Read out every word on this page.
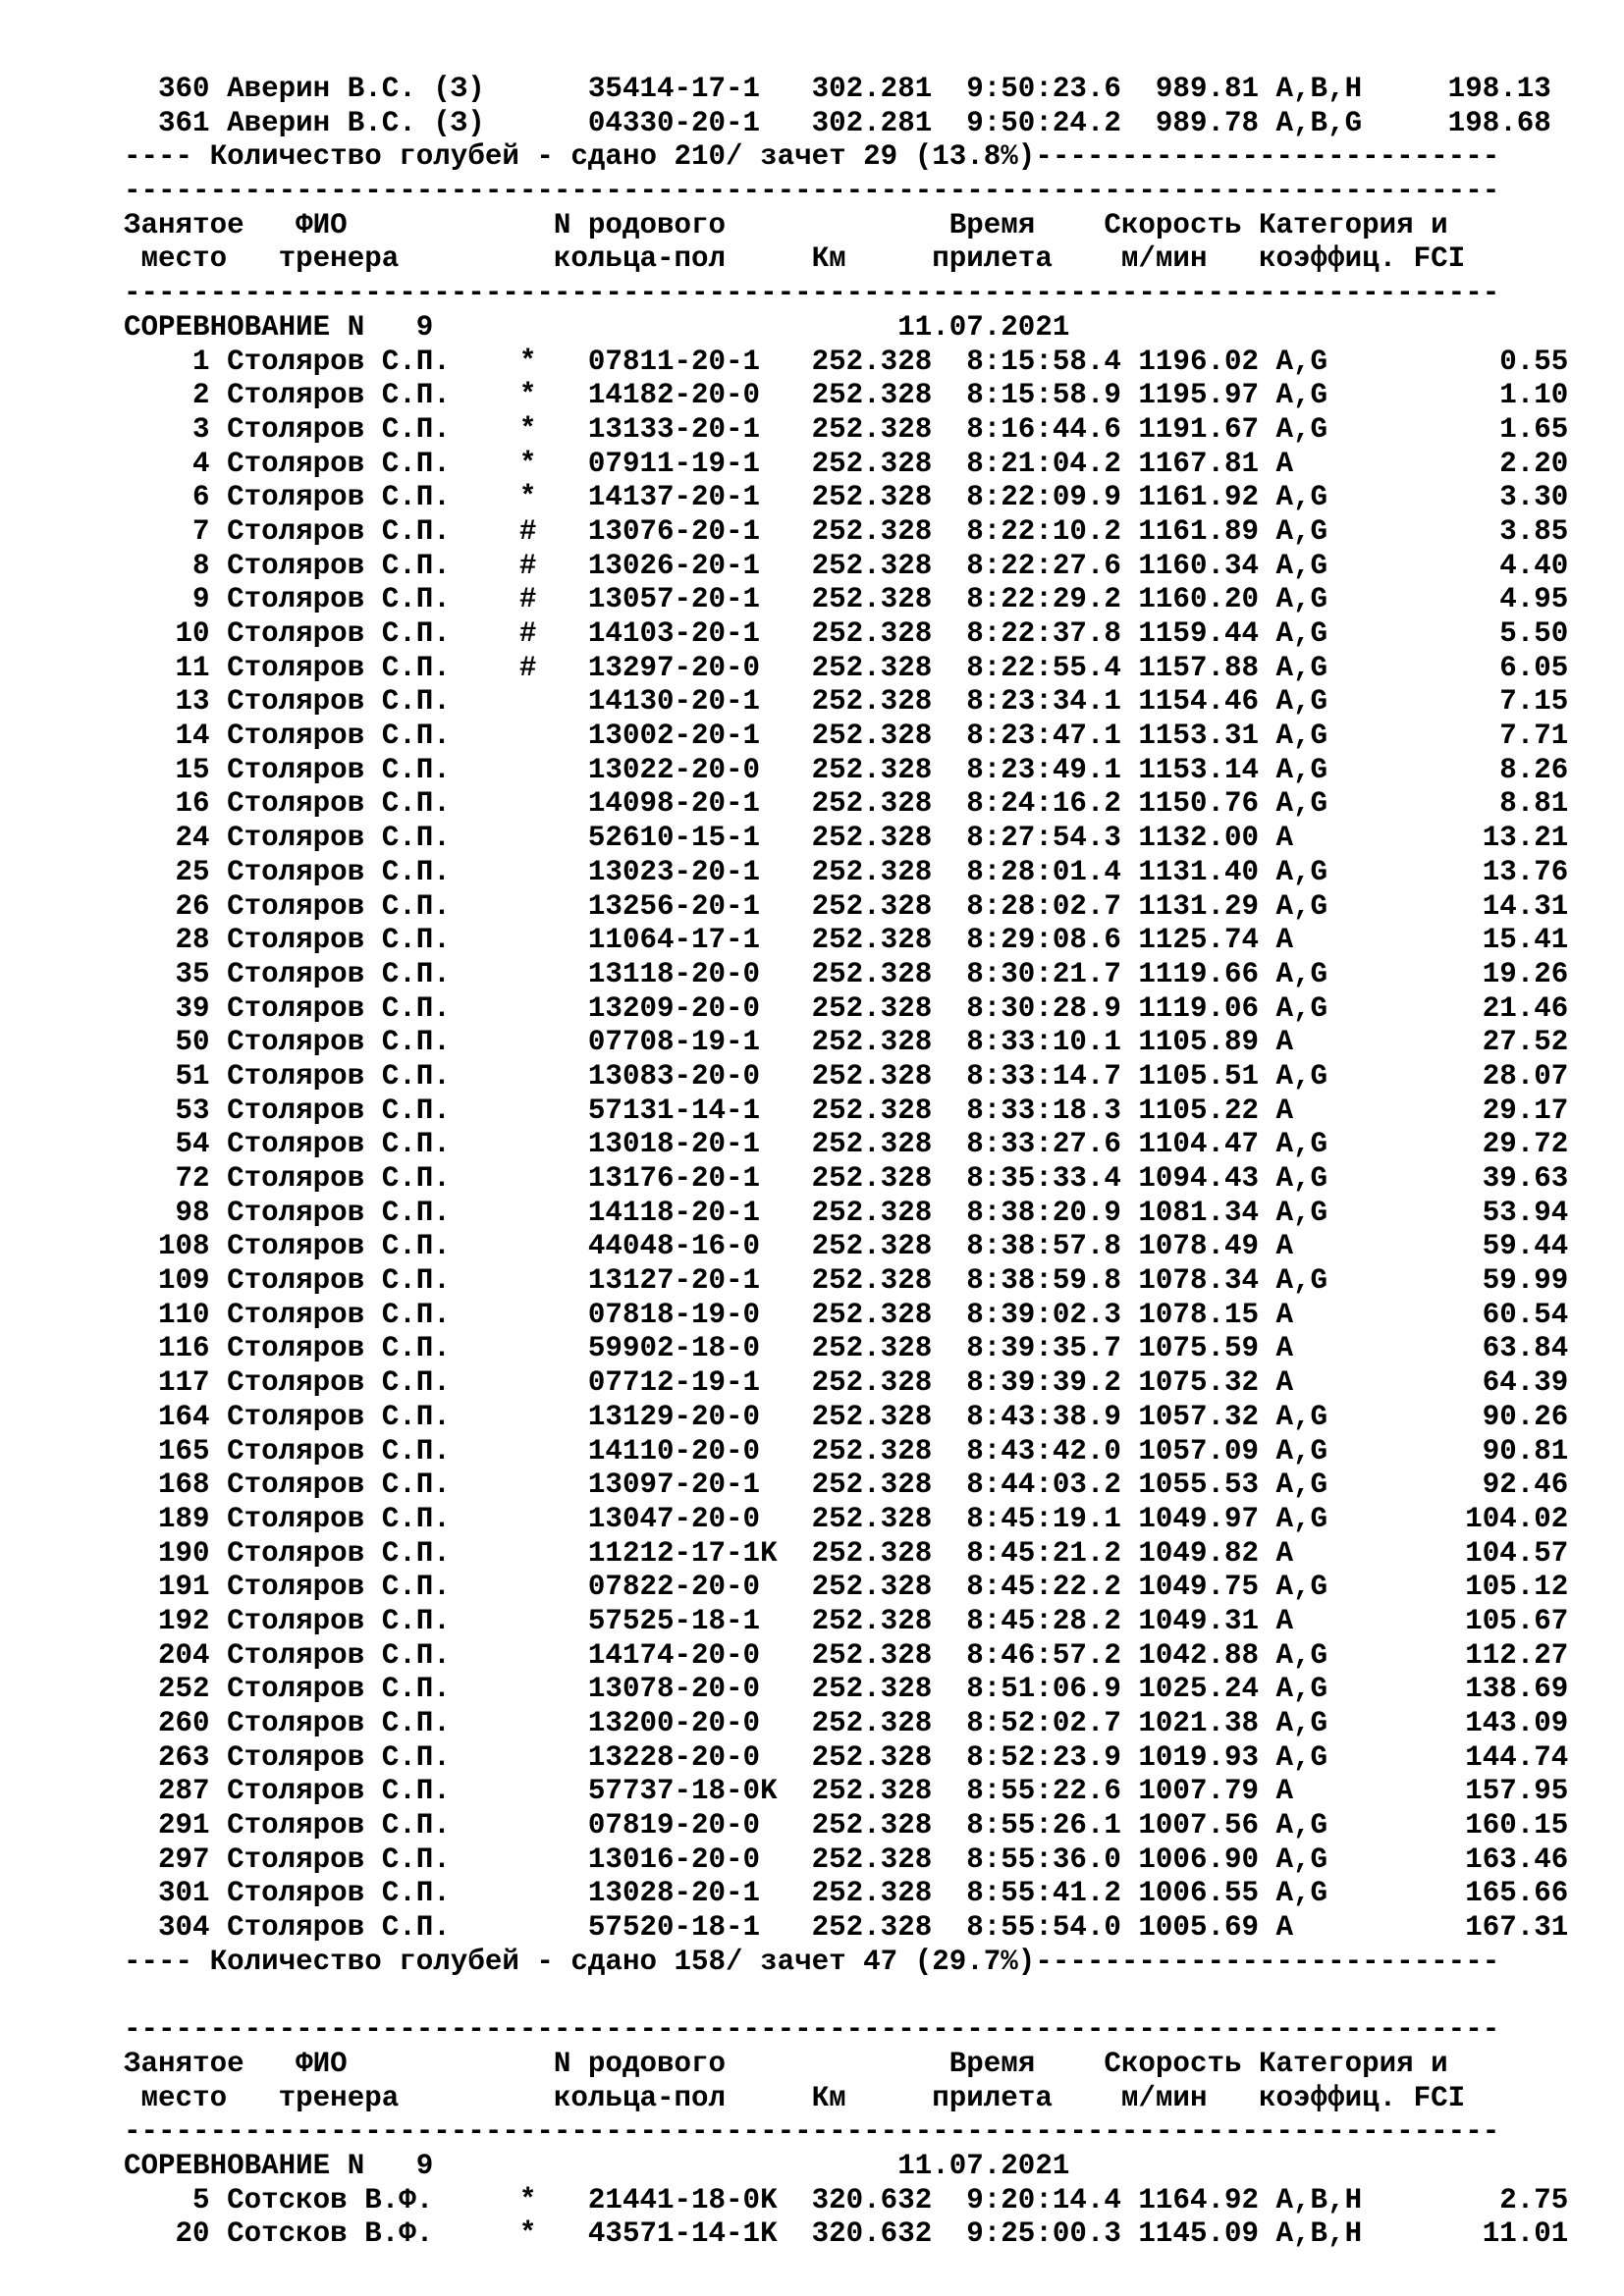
360 Аверин В.С. (З)      35414-17-1   302.281  9:50:23.6  989.81 A,B,H     198.13
361 Аверин В.С. (З)      04330-20-1   302.281  9:50:24.2  989.78 A,B,G     198.68
---- Количество голубей - сдано 210/ зачет 29 (13.8%)---------------------------
--------------------------------------------------------------------------------
Занятое   ФИО            N родового             Время    Скорость Категория и
место   тренера         кольца-пол     Км     прилета    м/мин   коэффиц. FCI
--------------------------------------------------------------------------------
СОРЕВНОВАНИЕ N   9                           11.07.2021
1 Столяров С.П.    *   07811-20-1   252.328  8:15:58.4 1196.02 A,G          0.55
2 Столяров С.П.    *   14182-20-0   252.328  8:15:58.9 1195.97 A,G          1.10
3 Столяров С.П.    *   13133-20-1   252.328  8:16:44.6 1191.67 A,G          1.65
4 Столяров С.П.    *   07911-19-1   252.328  8:21:04.2 1167.81 A            2.20
6 Столяров С.П.    *   14137-20-1   252.328  8:22:09.9 1161.92 A,G          3.30
7 Столяров С.П.    #   13076-20-1   252.328  8:22:10.2 1161.89 A,G          3.85
8 Столяров С.П.    #   13026-20-1   252.328  8:22:27.6 1160.34 A,G          4.40
9 Столяров С.П.    #   13057-20-1   252.328  8:22:29.2 1160.20 A,G          4.95
10 Столяров С.П.    #   14103-20-1   252.328  8:22:37.8 1159.44 A,G          5.50
11 Столяров С.П.    #   13297-20-0   252.328  8:22:55.4 1157.88 A,G          6.05
13 Столяров С.П.        14130-20-1   252.328  8:23:34.1 1154.46 A,G          7.15
14 Столяров С.П.        13002-20-1   252.328  8:23:47.1 1153.31 A,G          7.71
15 Столяров С.П.        13022-20-0   252.328  8:23:49.1 1153.14 A,G          8.26
16 Столяров С.П.        14098-20-1   252.328  8:24:16.2 1150.76 A,G          8.81
24 Столяров С.П.        52610-15-1   252.328  8:27:54.3 1132.00 A           13.21
25 Столяров С.П.        13023-20-1   252.328  8:28:01.4 1131.40 A,G         13.76
26 Столяров С.П.        13256-20-1   252.328  8:28:02.7 1131.29 A,G         14.31
28 Столяров С.П.        11064-17-1   252.328  8:29:08.6 1125.74 A           15.41
35 Столяров С.П.        13118-20-0   252.328  8:30:21.7 1119.66 A,G         19.26
39 Столяров С.П.        13209-20-0   252.328  8:30:28.9 1119.06 A,G         21.46
50 Столяров С.П.        07708-19-1   252.328  8:33:10.1 1105.89 A           27.52
51 Столяров С.П.        13083-20-0   252.328  8:33:14.7 1105.51 A,G         28.07
53 Столяров С.П.        57131-14-1   252.328  8:33:18.3 1105.22 A           29.17
54 Столяров С.П.        13018-20-1   252.328  8:33:27.6 1104.47 A,G         29.72
72 Столяров С.П.        13176-20-1   252.328  8:35:33.4 1094.43 A,G         39.63
98 Столяров С.П.        14118-20-1   252.328  8:38:20.9 1081.34 A,G         53.94
108 Столяров С.П.        44048-16-0   252.328  8:38:57.8 1078.49 A           59.44
109 Столяров С.П.        13127-20-1   252.328  8:38:59.8 1078.34 A,G         59.99
110 Столяров С.П.        07818-19-0   252.328  8:39:02.3 1078.15 A           60.54
116 Столяров С.П.        59902-18-0   252.328  8:39:35.7 1075.59 A           63.84
117 Столяров С.П.        07712-19-1   252.328  8:39:39.2 1075.32 A           64.39
164 Столяров С.П.        13129-20-0   252.328  8:43:38.9 1057.32 A,G         90.26
165 Столяров С.П.        14110-20-0   252.328  8:43:42.0 1057.09 A,G         90.81
168 Столяров С.П.        13097-20-1   252.328  8:44:03.2 1055.53 A,G         92.46
189 Столяров С.П.        13047-20-0   252.328  8:45:19.1 1049.97 A,G        104.02
190 Столяров С.П.        11212-17-1K  252.328  8:45:21.2 1049.82 A          104.57
191 Столяров С.П.        07822-20-0   252.328  8:45:22.2 1049.75 A,G        105.12
192 Столяров С.П.        57525-18-1   252.328  8:45:28.2 1049.31 A          105.67
204 Столяров С.П.        14174-20-0   252.328  8:46:57.2 1042.88 A,G        112.27
252 Столяров С.П.        13078-20-0   252.328  8:51:06.9 1025.24 A,G        138.69
260 Столяров С.П.        13200-20-0   252.328  8:52:02.7 1021.38 A,G        143.09
263 Столяров С.П.        13228-20-0   252.328  8:52:23.9 1019.93 A,G        144.74
287 Столяров С.П.        57737-18-0K  252.328  8:55:22.6 1007.79 A          157.95
291 Столяров С.П.        07819-20-0   252.328  8:55:26.1 1007.56 A,G        160.15
297 Столяров С.П.        13016-20-0   252.328  8:55:36.0 1006.90 A,G        163.46
301 Столяров С.П.        13028-20-1   252.328  8:55:41.2 1006.55 A,G        165.66
304 Столяров С.П.        57520-18-1   252.328  8:55:54.0 1005.69 A          167.31
---- Количество голубей - сдано 158/ зачет 47 (29.7%)---------------------------
--------------------------------------------------------------------------------
Занятое   ФИО            N родового             Время    Скорость Категория и
место   тренера         кольца-пол     Км     прилета    м/мин   коэффиц. FCI
--------------------------------------------------------------------------------
СОРЕВНОВАНИЕ N   9                           11.07.2021
5 Сотсков В.Ф.     *   21441-18-0K  320.632  9:20:14.4 1164.92 A,B,H        2.75
20 Сотсков В.Ф.     *   43571-14-1K  320.632  9:25:00.3 1145.09 A,B,H       11.01
